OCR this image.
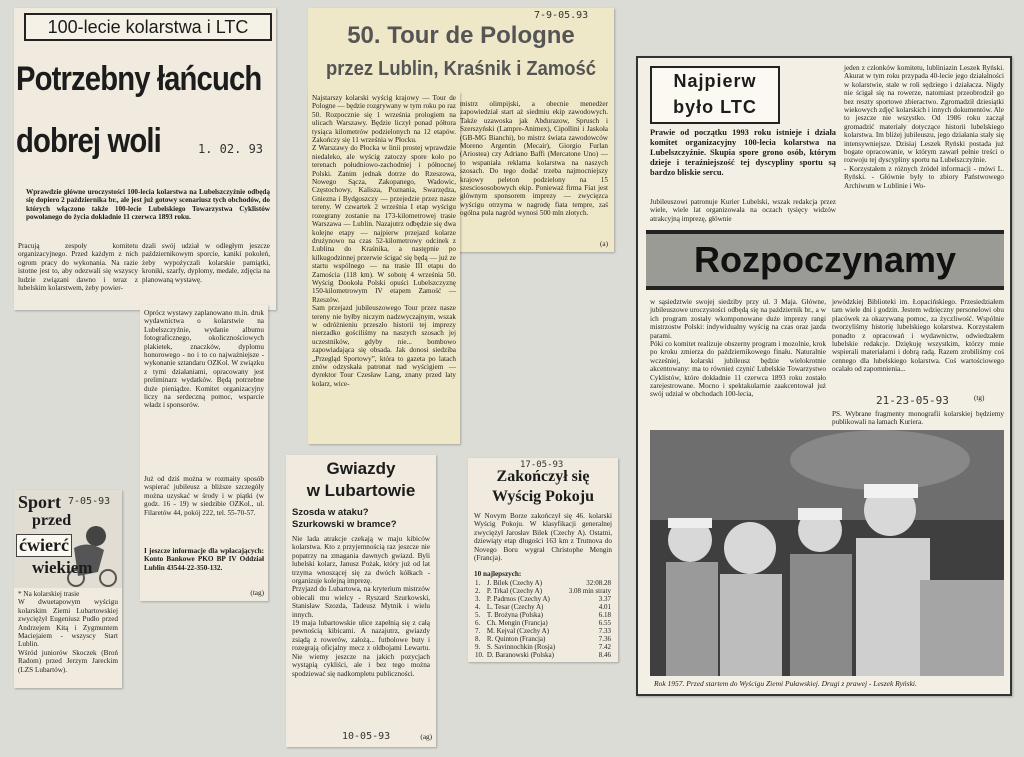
100-lecie kolarstwa i LTC
Potrzebny łańcuch
dobrej woli	1. 02. 93

Wprawdzie główne uroczystości 100-lecia kolarstwa na Lubelszczyźnie odbędą się dopiero 2 października br., ale jest już gotowy scenariusz tych obchodów, do których włączono także 100-lecie Lubelskiego Towarzystwa Cyklistów powołanego do życia dokładnie 11 czerwca 1893 roku.

Pracują zespoły komitetu organizacyjnego. Przed każdym z nich ogrom pracy do wykonania. Na razie istotne jest to, aby odezwali się wszyscy ludzie związani dawno i teraz z lubelskim kolarstwem, żeby powier-

dzali swój udział w odległym jeszcze październikowym sporcie, kaniki pokoleń, żeby wypożyczali kolarskie pamiątki, kroniki, szarfy, dyplomy, medale, zdjęcia na planowaną wystawę.

Oprócz wystawy zaplanowano m.in. druk wydawnictwa o kolarstwie na Lubelszczyźnie, wydanie albumu fotograficznego, okolicznościowych plakietek, znaczków, dyplomu honorowego - no i to co najważniejsze - wykonanie sztandaru OZKol. W związku z tymi działaniami, opracowany jest preliminarz wydatków. Będą potrzebne duże pieniądze. Komitet organizacyjny liczy na serdeczną pomoc, wsparcie władz i sponsorów.

Już od dziś można w rozmaity sposób wspierać jubileusz a bliższe szczegóły można uzyskać w środy i w piątki (w godz. 16 - 19) w siedzibie OZKol., ul. Filaretów 44, pokój 222, tel. 55-70-57.

I jeszcze informacje dla wpłacających: Konto Bankowe PKO BP IV Oddział Lublin 43544-22-350-132.

(tag)
7-9-05.93
50. Tour de Pologne
przez Lublin, Kraśnik i Zamość

mistrz olimpijski, a obecnie menedżer zapowiedział start aż siedmiu ekip zawodowych. Także uzawoska jak Abdurazow, Sprusch i Szerszyński (Lampre-Animex), Cipollini i Jaskoła (GB-MG Bianchi), bo mistrz świata zawodowców Moreno Argentin (Mecair), Giorgio Furlan (Ariostea) czy Adriano Baffi (Mercatone Uno) — to wspaniała reklama kolarstwa na naszych szosach. Do tego dodać trzeba najmocniejszy krajowy peleton podzielony na 15 szesciososobowych ekip. Ponieważ firma Fiat jest głównym sponsorem imprezy — zwycięzca wyścigu otrzyma w nagrodę fiata tempre, zaś ogólna pula nagród wynosi 500 mln złotych.

(a)

Najstarszy kolarski wyścig krajowy — Tour de Pologne — będzie rozgrywany w tym roku po raz 50. Rozpocznie się 1 września prologiem na ulicach Warszawy. Będzie liczył ponad półtora tysiąca kilometrów podzielonych na 12 etapów. Zakończy się 11 września w Płocku.
Z Warszawy do Płocka w linii prostej wprawdzie niedaleko, ale wyścig zatoczy spore koło po terenach południowo-zachodniej i północnej Polski. Zanim jednak dotrze do Rzeszowa, Nowego Sącza, Zakopanego, Wadowic, Częstochowy, Kalisza, Poznania, Swarzędza, Gniezna i Bydgoszczy — przejedzie przez nasze tereny. W czwartek 2 września I etap wyścigu rozegrany zostanie na 173-kilometrowej trasie Warszawa — Lublin. Nazajutrz odbędzie się dwa kolejne etapy — najpierw przejazd kolarze drużynowo na czas 52-kilometrowy odcinek z Lublina do Kraśnika, a następnie po kilkugodzinnej przerwie ścigać się będą — już ze startu wspólnego — na trasie III etapu do Zamościa (118 km). W sobotę 4 września 50. Wyścig Dookoła Polski opuści Lubelszczyznę 150-kilometrowym IV etapem Zamość — Rzeszów.
Sam przejazd jubileuszowego Tour przez nasze tereny nie byłby niczym nadzwyczajnym, wszak w odróżnieniu przeszło historii tej imprezy nierzadko gościliśmy na naszych szosach jej uczestników, gdyby nie... bombowo zapowiadająca się obsada. Jak donosi siedziba „Przegląd Sportowy”, która to gazeta po latach znów odzyskała patronat nad wyścigiem — dyrektor Tour Czesław Lang, znany przed laty kolarz, wice-

Najpierw
było LTC

Prawie od początku 1993 roku istnieje i działa komitet organizacyjny 100-lecia kolarstwa na Lubelszczyźnie. Skupia spore grono osób, którym dzieje i teraźniejszość tej dyscypliny sportu są bardzo bliskie sercu.

Jubileuszowi patronuje Kurier Lubelski, wszak redakcja przez wiele, wiele lat organizowała na oczach tysięcy widzów atrakcyjną imprezę, głównie

jeden z członków komitetu, lubliniazin Leszek Ryński. Akurat w tym roku przypada 40-lecie jego działalności w kolarstwie, stale w roli sędziego i działacza. Nigdy nie ścigał się na rowerze, natomiast przeobrodził go bez reszty sportowe zbieractwo. Zgromadził dziesiątki wiekowych zdjęć kolarskich i innych dokumentów. Ale to jeszcze nie wszystko. Od 1986 roku zaczął gromadzić materiały dotyczące historii lubelskiego kolarstwa. Im bliżej jubileuszu, jego działania stały się intensywniejsze. Dzisiaj Leszek Ryński postada już bogate opracowanie, w którym zawarł pełnie treści o rozwoju tej dyscypliny sportu na Lubelszczyźnie.
- Korzystałem z różnych źródeł informacji - mówi L. Ryński. - Głównie były to zbiory Państwowego Archiwum w Lublinie i Wo-

Rozpoczynamy

w sąsiedztwie swojej siedziby przy ul. 3 Maja. Główne, jubileuszowe uroczystości odbędą się na październik br., a w ich program zostały wkomponowane duże imprezy rangi mistrzostw Polski: indywidualny wyścig na czas oraz jazda parami.
Póki co komitet realizuje obszerny program i mozolnie, krok po kroku zmierza do październikowego finału. Naturalnie wcześniej, kolarski jubileusz będzie wielokrotnie akcentowany: ma to również czynić Lubelskie Towarzystwo Cyklistów, które dokładnie 11 czerwca 1893 roku zostało zarejestrowane. Mocno i spektakularnie zaakcentował już swój udział w obchodach 100-lecia,

jewódzkiej Biblioteki im. Łopacińskiego. Przesiedziałem tam wiele dni i godzin. Jestem wdzięczny personelowi obu placówek za okazywaną pomoc, za życzliwość. Wspólnie tworzyliśmy historię lubelskiego kolarstwa. Korzystałem ponadto z opracowań i wydawnictw, odwiedzałem lubelskie redakcje. Dziękuję wszystkim, którzy mnie wspierali materiałami i dobrą radą. Razem zrobiliśmy coś cennego dla lubelskiego kolarstwa. Coś wartościowego ocalało od zapomnienia...

(tg)
21-23-05-93

PS. Wybrane fragmenty monografii kolarskiej będziemy publikowali na łamach Kuriera.

Rok 1957. Przed startem do Wyścigu Ziemi Puławskiej. Drugi z prawej - Leszek Ryński.
Sport 7-05-93
przed
ćwierć
wiekiem

* Na kolarskiej trasie
W dwuetapowym wyścigu kolarskim Ziemi Lubartowskiej zwyciężył Eugeniusz Pudło przed Andrzejem Kitą i Zygmuntem Maciejaiem - wszyscy Start Lublin.
Wśród juniorów Skoczek (Broń Radom) przed Jerzym Jareckim (LZS Lubartów).

Gwiazdy
w Lubartowie
Szosda w ataku?
Szurkowski w bramce?

Nie lada atrakcje czekają w maju kibiców kolarstwa. Kto z przyjemnością raz jeszcze nie popatrzy na zmagania dawnych gwiazd. Byli lubelski kolarz, Janusz Pożak, który już od lat trzyma wnoszącej się za dwóch kółkach - organizuje kolejną imprezę.
Przyjazd do Lubartowa, na kryterium mistrzów obiecali mu wielcy - Ryszard Szurkowski, Stanisław Szozda, Tadeusz Mytnik i wielu innych.
19 maja lubartowskie ulice zapełnią się z całą pewnością kibicami. A nazajutrz, gwiazdy zsiądą z rowerów, założą... futbolowe buty i rozegrają oficjalny mecz z oldbojami Lewartu. Nie wiemy jeszcze na jakich pozycjach wystąpią cykliści, ale i bez tego można spodziewać się nadkompletu publiczności.

10-05-93	(ag)
17-05-93
Zakończył się
Wyścig Pokoju

W Novym Borze zakończył się 46. kolarski Wyścig Pokoju. W klasyfikacji generalnej zwyciężył Jarosłav Bilek (Czechy A). Ostatni, dziewiąty etap długości 163 km z Trutnova do Novego Boru wygrał Christophe Mengin (Francja).

10 najlepszych:
1.	J. Bilek (Czechy A)	32:08.28
2.	P. Trkal (Czechy A)	3.08 min straty
3.	P. Padrnos (Czechy A)	3.37
4.	L. Tesar (Czechy A)	4.01
5.	T. Brożyna (Polska)	6.18
6.	Ch. Mengin (Francja)	6.55
7.	M. Kejval (Czechy A)	7.33
8.	R. Quinton (Francja)	7.36
9.	S. Savinnochkin (Rosja)	7.42
10.	D. Baranowski (Polska)	8.46
